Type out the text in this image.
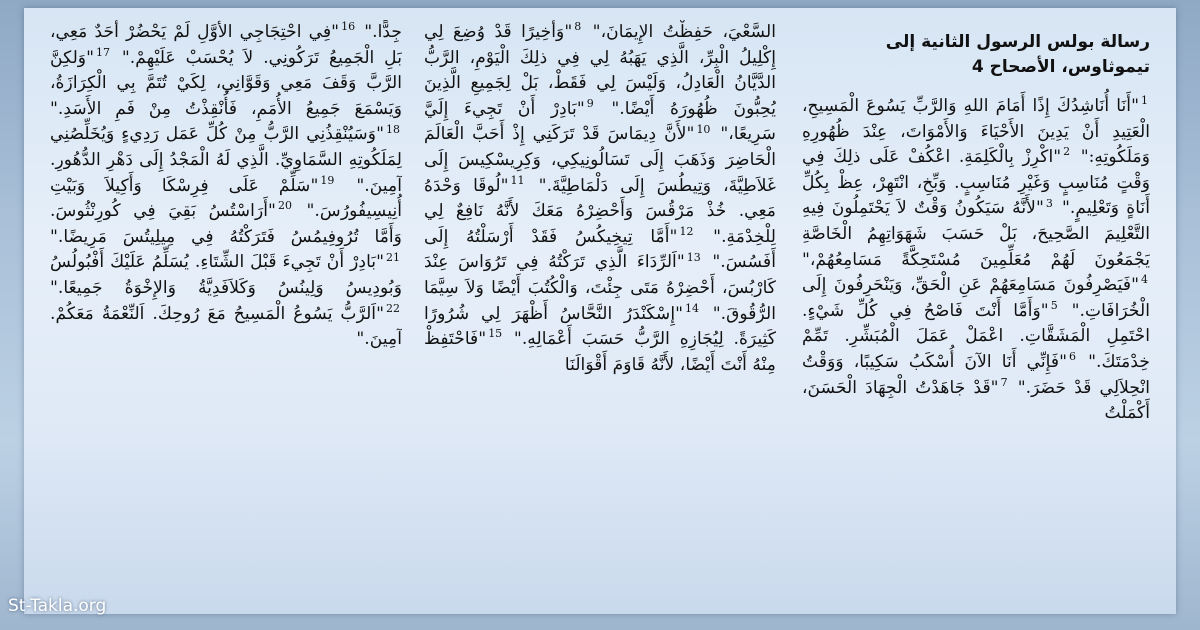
رسالة بولس الرسول الثانية إلى تيموثاوس، الأصحاح 4
$^1$"أَنَا أُنَاشِدُكَ إِذًا أَمَامَ اللهِ وَالرَّبِّ يَسُوعَ الْمَسِيحِ، الْعَتِيدِ أَنْ يَدِينَ الأَحْيَاءَ وَالأَمْوَاتَ، عِنْدَ ظُهُورِهِ وَمَلَكُوتِهِ:" $^2$"اكْرِزْ بِالْكَلِمَةِ. اعْكُفْ عَلَى ذلِكَ فِي وَقْتٍ مُنَاسِبٍ وَغَيْرِ مُنَاسِبٍ. وَبِّخِ، انْتَهِرْ، عِظْ بِكُلِّ أَنَاةٍ وَتَعْلِيمٍ." $^3$"لأَنَّهُ سَيَكُونُ وَقْتٌ لاَ يَحْتَمِلُونَ فِيهِ التَّعْلِيمَ الصَّحِيحَ، بَلْ حَسَبَ شَهَوَاتِهِمُ الْخَاصَّةِ يَجْمَعُونَ لَهُمْ مُعَلِّمِينَ مُسْتَحِكَّةً مَسَامِعُهُمْ،" $^4$"فَيَصْرِفُونَ مَسَامِعَهُمْ عَنِ الْحَقِّ، وَيَنْحَرِفُونَ إِلَى الْخُرَافَاتِ." $^5$"وَأَمَّا أَنْتَ فَاصْحُ فِي كُلِّ شَيْءٍ. احْتَمِلِ الْمَشَقَّاتِ. اعْمَلْ عَمَلَ الْمُبَشِّرِ. تَمِّمْ خِدْمَتَكَ." $^6$"فَإِنِّي أَنَا الآنَ أُسْكَبُ سَكِيبًا، وَوَقْتُ انْحِلاَلِي قَدْ حَضَرَ." $^7$"قَدْ جَاهَدْتُ الْجِهَادَ الْحَسَنَ، أَكْمَلْتُ
السَّعْيَ، حَفِظْتُ الإِيمَانَ،" $^8$"وَأَخِيرًا قَدْ وُضِعَ لِي إِكْلِيلُ الْبِرِّ، الَّذِي يَهَبُهُ لِي فِي ذلِكَ الْيَوْمِ، الرَّبُّ الدَّيَّانُ الْعَادِلُ، وَلَيْسَ لِي فَقَطْ، بَلْ لِجَمِيعِ الَّذِينَ يُحِبُّونَ ظُهُورَهُ أَيْضًا." $^9$"بَادِرْ أَنْ تَجِيءَ إِلَيَّ سَرِيعًا،" $^{10}$"لأَنَّ دِيمَاسَ قَدْ تَرَكَنِي إِذْ أَحَبَّ الْعَالَمَ الْحَاضِرَ وَذَهَبَ إِلَى تَسَالُونِيكِي، وَكِرِيسْكِيسَ إِلَى غَلاَطِيَّةَ، وَتِيطُسَ إِلَى دَلْمَاطِيَّةَ." $^{11}$"لُوقَا وَحْدَهُ مَعِي. خُذْ مَرْقُسَ وَأَحْضِرْهُ مَعَكَ لأَنَّهُ نَافِعٌ لِي لِلْخِدْمَةِ." $^{12}$"أَمَّا تِيخِيكُسُ فَقَدْ أَرْسَلْتُهُ إِلَى أَفَسُسَ." $^{13}$"اَلرِّدَاءَ الَّذِي تَرَكْتُهُ فِي تَرُوَاسَ عِنْدَ كَارْبُسَ، أَحْضِرْهُ مَتَى جِئْتَ، وَالْكُتُبَ أَيْضًا وَلاَ سِيَّمَا الرُّقُوقَ." $^{14}$"إِسْكَنْدَرُ النَّحَّاسُ أَظْهَرَ لِي شُرُورًا كَثِيرَةً. لِيُجَازِهِ الرَّبُّ حَسَبَ أَعْمَالِهِ." $^{15}$"فَاحْتَفِظْ مِنْهُ أَنْتَ أَيْضًا، لأَنَّهُ قَاوَمَ أَقْوَالَنَا
جِدًّا." $^{16}$"فِي احْتِجَاجِي الأَوَّلِ لَمْ يَحْضُرْ أَحَدٌ مَعِي، بَلِ الْجَمِيعُ تَرَكُونِي. لاَ يُحْسَبْ عَلَيْهِمْ." $^{17}$"وَلكِنَّ الرَّبَّ وَقَفَ مَعِي وَقَوَّانِي، لِكَيْ تُتَمَّ بِي الْكِرَازَةُ، وَيَسْمَعَ جَمِيعُ الأُمَمِ، فَأُنْقِذْتُ مِنْ فَمِ الأَسَدِ." $^{18}$"وَسَيُنْقِذُنِي الرَّبُّ مِنْ كُلِّ عَمَل رَدِيءٍ وَيُخَلِّصُنِي لِمَلَكُوتِهِ السَّمَاوِيِّ. الَّذِي لَهُ الْمَجْدُ إِلَى دَهْرِ الدُّهُورِ. آمِينَ." $^{19}$"سَلِّمْ عَلَى فِرِسْكَا وَأَكِيلاَ وَبَيْتِ أُنِيسِيفُورُسَ." $^{20}$"أَرَاسْتُسُ بَقِيَ فِي كُورِنْثُوسَ. وَأَمَّا تُرُوفِيمُسُ فَتَرَكْتُهُ فِي مِيلِيتُسَ مَرِيضًا." $^{21}$"بَادِرْ أَنْ تَجِيءَ قَبْلَ الشِّتَاءِ. يُسَلِّمُ عَلَيْكَ أَفْبُولُسُ وَبُودِيسُ وَلِينُسُ وَكَلاَفَدِيَّةُ وَالإِخْوَةُ جَمِيعًا." $^{22}$"اَلرَّبُّ يَسُوعُ الْمَسِيحُ مَعَ رُوحِكَ. اَلنِّعْمَةُ مَعَكُمْ. آمِينَ."
St-Takla.org
